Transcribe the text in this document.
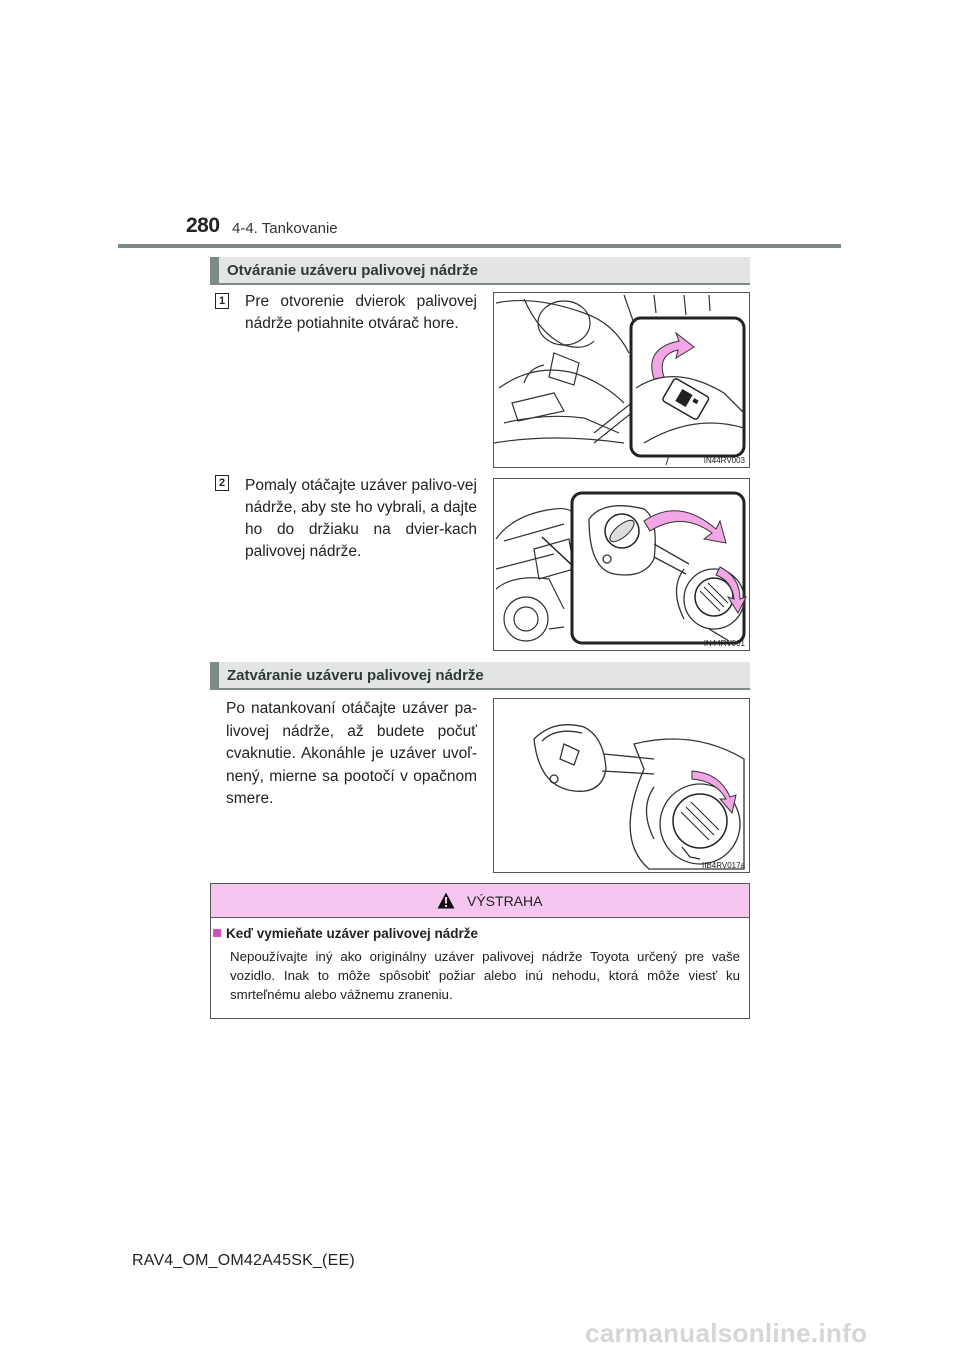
280 4-4. Tankovanie
Otváranie uzáveru palivovej nádrže
1 Pre otvorenie dvierok palivovej nádrže potiahnite otvárač hore.
IN44RV003
2 Pomaly otáčajte uzáver palivo-vej nádrže, aby ste ho vybrali, a dajte ho do držiaku na dvier-kach palivovej nádrže.
IN44RV001
Zatváranie uzáveru palivovej nádrže
Po natankovaní otáčajte uzáver pa-livovej nádrže, až budete počuť cvaknutie. Akonáhle je uzáver uvoľ-nený, mierne sa pootočí v opačnom smere.
IIB4RV017a
VÝSTRAHA
Keď vymieňate uzáver palivovej nádrže
Nepoužívajte iný ako originálny uzáver palivovej nádrže Toyota určený pre vaše vozidlo. Inak to môže spôsobiť požiar alebo inú nehodu, ktorá môže viesť ku smrteľnému alebo vážnemu zraneniu.
RAV4_OM_OM42A45SK_(EE)
carmanualsonline.info
